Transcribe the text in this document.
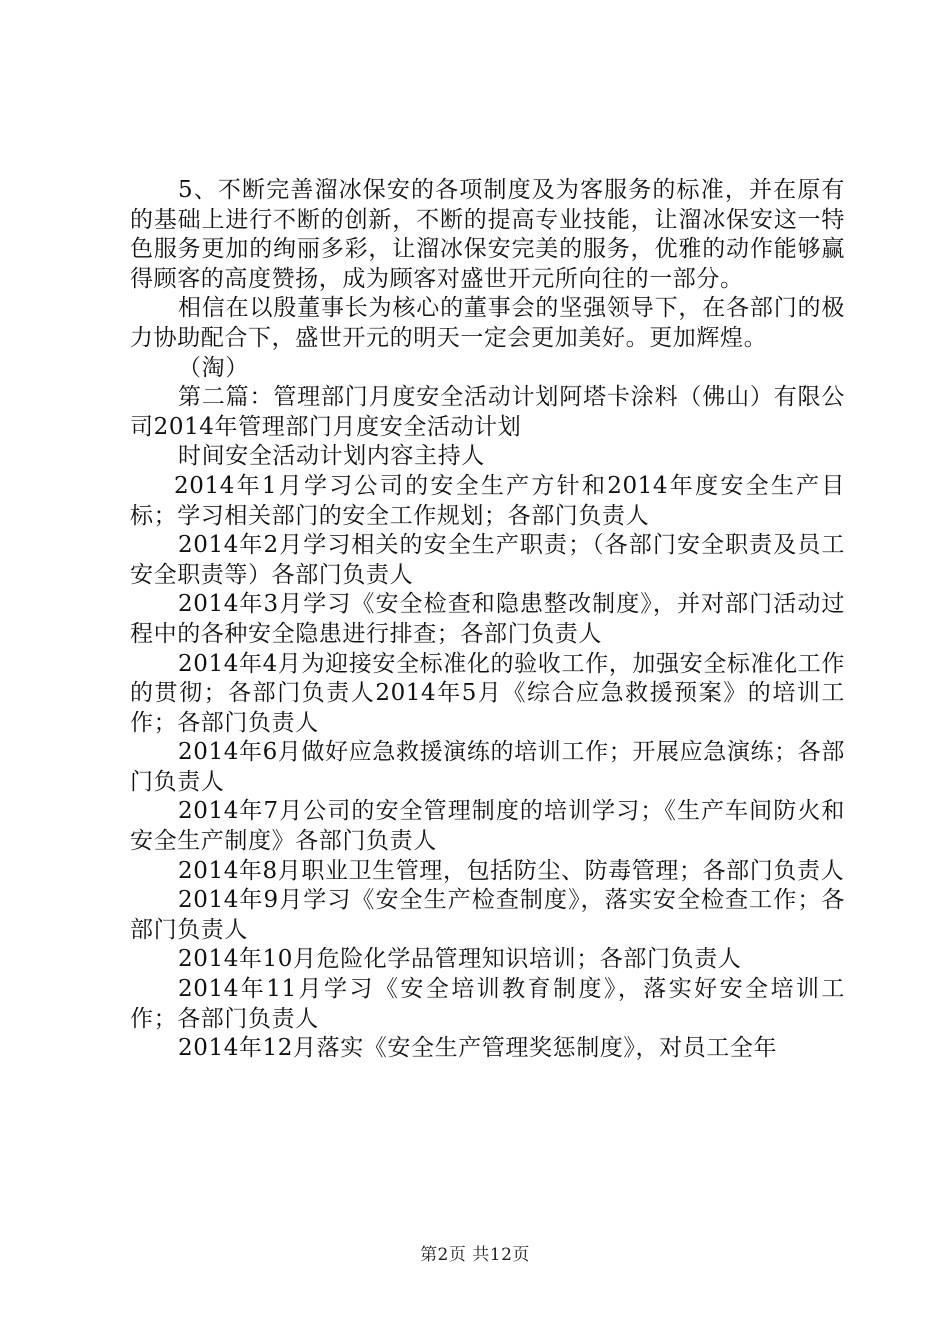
5、不断完善溜冰保安的各项制度及为客服务的标准，并在原有的基础上进行不断的创新，不断的提高专业技能，让溜冰保安这一特色服务更加的绚丽多彩，让溜冰保安完美的服务，优雅的动作能够赢得顾客的高度赞扬，成为顾客对盛世开元所向往的一部分。

相信在以殷董事长为核心的董事会的坚强领导下，在各部门的极力协助配合下，盛世开元的明天一定会更加美好。更加辉煌。

（淘）

第二篇：管理部门月度安全活动计划阿塔卡涂料（佛山）有限公司2014年管理部门月度安全活动计划

时间安全活动计划内容主持人

2014年1月学习公司的安全生产方针和2014年度安全生产目标；学习相关部门的安全工作规划；各部门负责人

2014年2月学习相关的安全生产职责；（各部门安全职责及员工安全职责等）各部门负责人

2014年3月学习《安全检查和隐患整改制度》，并对部门活动过程中的各种安全隐患进行排查；各部门负责人

2014年4月为迎接安全标准化的验收工作，加强安全标准化工作的贯彻；各部门负责人2014年5月《综合应急救援预案》的培训工作；各部门负责人

2014年6月做好应急救援演练的培训工作；开展应急演练；各部门负责人

2014年7月公司的安全管理制度的培训学习；《生产车间防火和安全生产制度》各部门负责人

2014年8月职业卫生管理，包括防尘、防毒管理；各部门负责人

2014年9月学习《安全生产检查制度》，落实安全检查工作；各部门负责人

2014年10月危险化学品管理知识培训；各部门负责人

2014年11月学习《安全培训教育制度》，落实好安全培训工作；各部门负责人

2014年12月落实《安全生产管理奖惩制度》，对员工全年

第2页 共12页
